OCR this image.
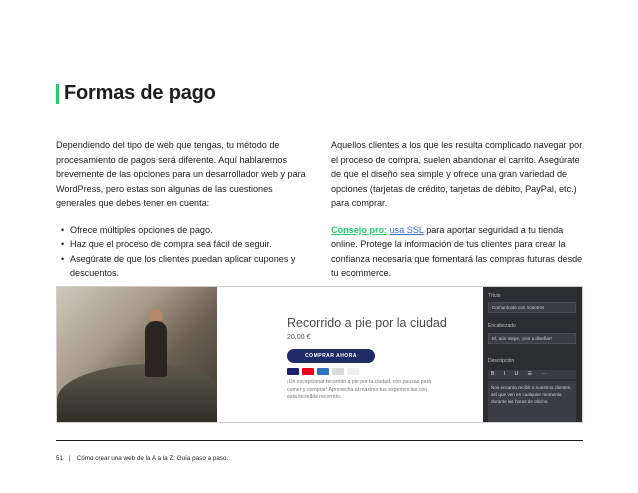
Formas de pago

Dependiendo del tipo de web que tengas, tu método de procesamiento de pagos será diferente. Aquí hablaremos brevemente de las opciones para un desarrollador web y para WordPress, pero estas son algunas de las cuestiones generales que debes tener en cuenta:

• Ofrece múltiples opciones de pago.
• Haz que el proceso de compra sea fácil de seguir.
• Asegúrate de que los clientes puedan aplicar cupones y descuentos.

Aquellos clientes a los que les resulta complicado navegar por el proceso de compra, suelen abandonar el carrito. Asegúrate de que el diseño sea simple y ofrece una gran variedad de opciones (tarjetas de crédito, tarjetas de débito, PayPal, etc.) para comprar.

Consejo pro: usa SSL para aportar seguridad a tu tienda online. Protege la información de tus clientes para crear la confianza necesaria que fomentará las compras futuras desde tu ecommerce.

Recorrido a pie por la ciudad
20,00 €
COMPRAR AHORA
¡Un excepcional recorrido a pie por la ciudad, con pausas para comer y comprar! Aprovecha al máximo tus experiencias con esta increíble recorrido.
Título
Comunícate con nosotros
Encabezado
El, aún mejor, ¡ven a diseñar!
Descripción
B I U ☰ ⋯
Nos encanta recibir a nuestros clientes, así que ven en cualquier momento durante las horas de oficina.
51 | Cómo crear una web de la A a la Z: Guía paso a paso.
